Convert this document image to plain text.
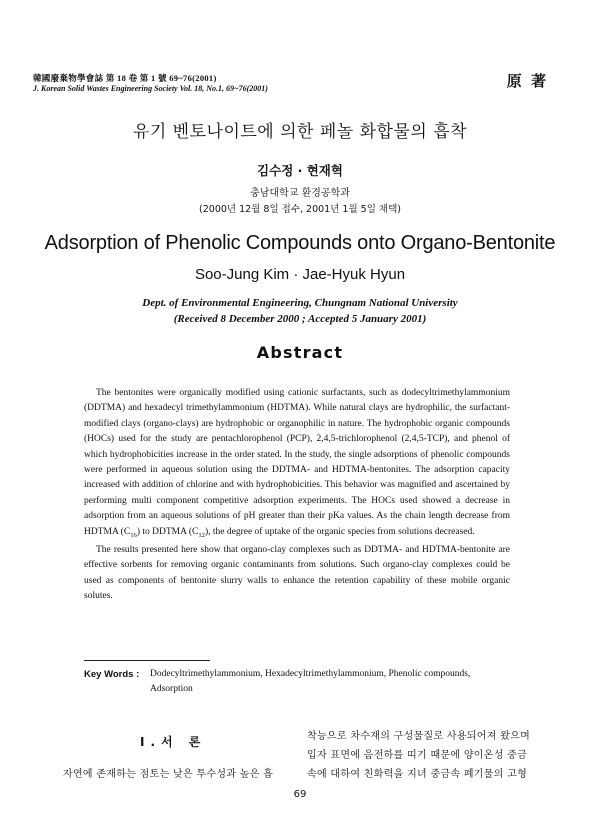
韓國廢棄物學會誌 第 18 卷 第 1 號 69~76(2001)
J. Korean Solid Wastes Engineering Society Vol. 18, No.1, 69~76(2001)	原 著
유기 벤토나이트에 의한 페놀 화합물의 흡착
김수정 · 현재혁
충남대학교 환경공학과
(2000년 12월 8일 접수, 2001년 1월 5일 채택)
Adsorption of Phenolic Compounds onto Organo-Bentonite
Soo-Jung Kim · Jae-Hyuk Hyun
Dept. of Environmental Engineering, Chungnam National University
(Received 8 December 2000 ; Accepted 5 January 2001)
Abstract

The bentonites were organically modified using cationic surfactants, such as dodecyltrimethylammonium (DDTMA) and hexadecyl trimethylammonium (HDTMA). While natural clays are hydrophilic, the surfactant-modified clays (organo-clays) are hydrophobic or organophilic in nature. The hydrophobic organic compounds (HOCs) used for the study are pentachlorophenol (PCP), 2,4,5-trichlorophenol (2,4,5-TCP), and phenol of which hydrophobicities increase in the order stated. In the study, the single adsorptions of phenolic compounds were performed in aqueous solution using the DDTMA- and HDTMA-bentonites. The adsorption capacity increased with addition of chlorine and with hydrophobicities. This behavior was magnified and ascertained by performing multi component competitive adsorption experiments. The HOCs used showed a decrease in adsorption from an aqueous solutions of pH greater than their pKa values. As the chain length decrease from HDTMA $(C_{16})$ to DDTMA $(C_{12})$, the degree of uptake of the organic species from solutions decreased.

The results presented here show that organo-clay complexes such as DDTMA- and HDTMA-bentonite are effective sorbents for removing organic contaminants from solutions. Such organo-clay complexes could be used as components of bentonite slurry walls to enhance the retention capability of these mobile organic solutes.

Key Words : Dodecyltrimethylammonium, Hexadecyltrimethylammonium, Phenolic compounds, Adsorption
Ⅰ.서 론
자연에 존재하는 점토는 낮은 투수성과 높은 흡
착능으로 차수재의 구성물질로 사용되어져 왔으며
입자 표면에 음전하를 띠기 때문에 양이온성 중금
속에 대하여 친화력을 지녀 중금속 폐기물의 고형
69
